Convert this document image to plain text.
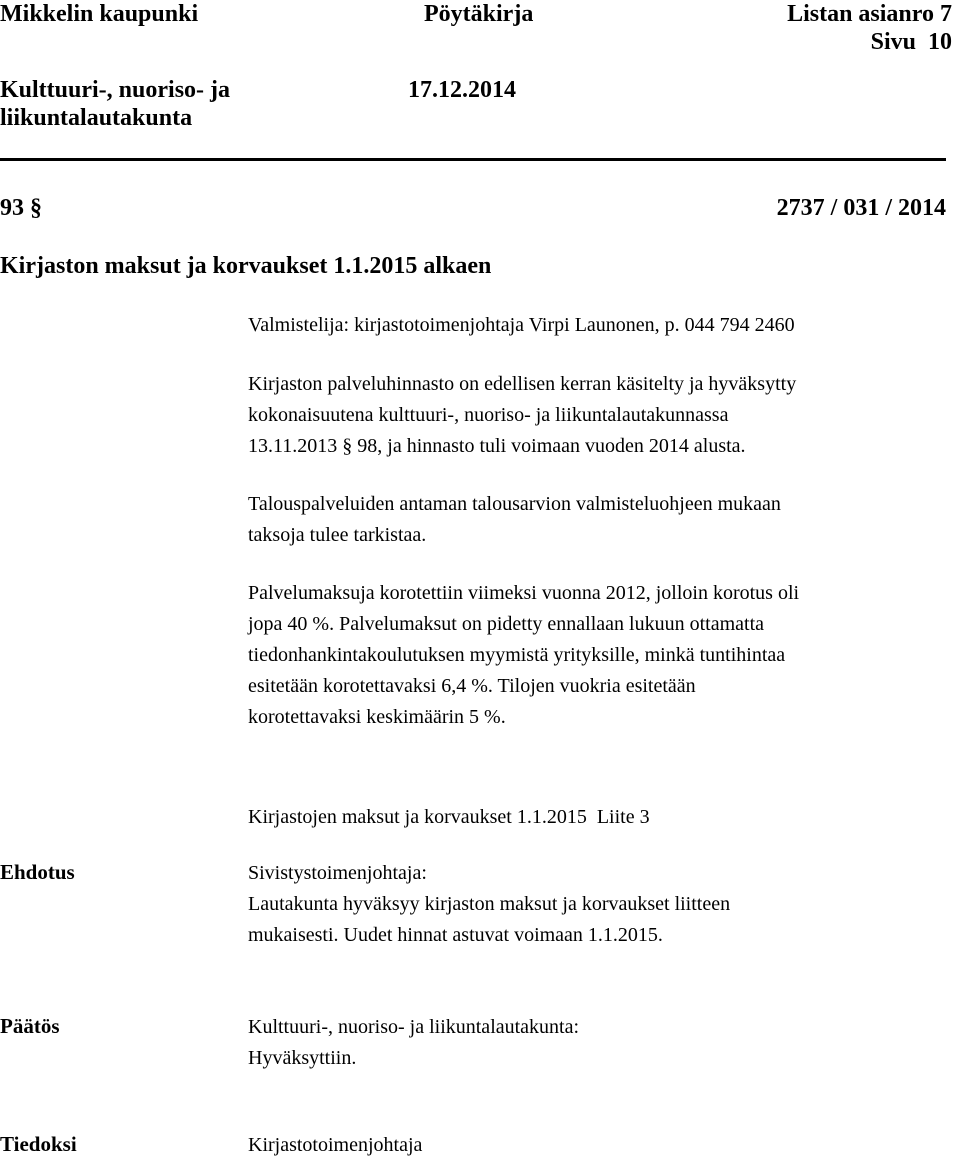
Mikkelin kaupunki	Pöytäkirja	Listan asianro 7
Sivu  10
Kulttuuri-, nuoriso- ja
liikuntalautakunta
17.12.2014
93 §	2737 / 031 / 2014
Kirjaston maksut ja korvaukset 1.1.2015 alkaen

Valmistelija: kirjastotoimenjohtaja Virpi Launonen, p. 044 794 2460

Kirjaston palveluhinnasto on edellisen kerran käsitelty ja hyväksytty

kokonaisuutena kulttuuri-, nuoriso- ja liikuntalautakunnassa

13.11.2013 § 98, ja hinnasto tuli voimaan vuoden 2014 alusta.

Talouspalveluiden antaman talousarvion valmisteluohjeen mukaan

taksoja tulee tarkistaa.

Palvelumaksuja korotettiin viimeksi vuonna 2012, jolloin korotus oli

jopa 40 %. Palvelumaksut on pidetty ennallaan lukuun ottamatta

tiedonhankintakoulutuksen myymistä yrityksille, minkä tuntihintaa

esitetään korotettavaksi 6,4 %. Tilojen vuokria esitetään

korotettavaksi keskimäärin 5 %.

Kirjastojen maksut ja korvaukset 1.1.2015  Liite 3

Ehdotus	Sivistystoimenjohtaja:

Lautakunta hyväksyy kirjaston maksut ja korvaukset liitteen

mukaisesti. Uudet hinnat astuvat voimaan 1.1.2015.

Päätös	Kulttuuri-, nuoriso- ja liikuntalautakunta:

Hyväksyttiin.

Tiedoksi	Kirjastotoimenjohtaja
